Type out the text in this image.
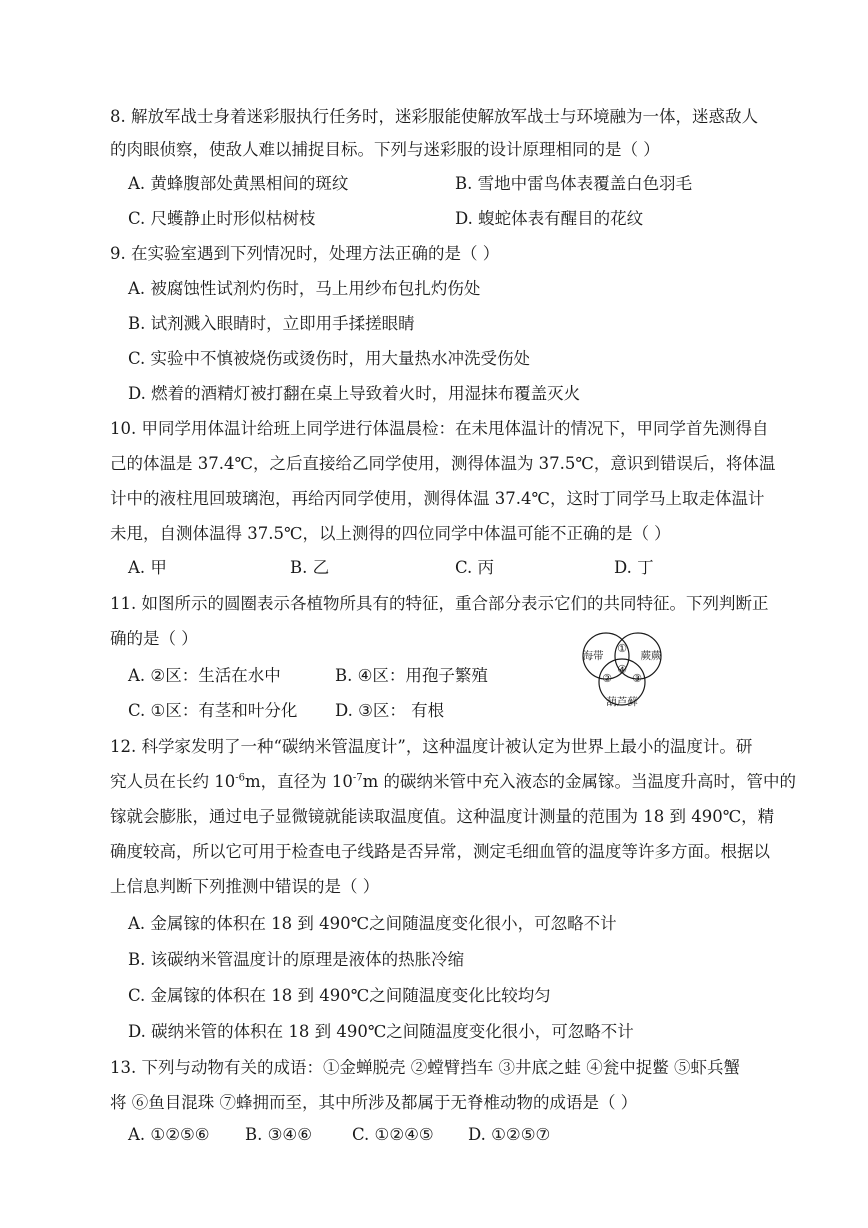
8. 解放军战士身着迷彩服执行任务时，迷彩服能使解放军战士与环境融为一体，迷惑敌人
的肉眼侦察，使敌人难以捕捉目标。下列与迷彩服的设计原理相同的是（ ）
A. 黄蜂腹部处黄黑相间的斑纹	B. 雪地中雷鸟体表覆盖白色羽毛
C. 尺蠖静止时形似枯树枝	D. 蝮蛇体表有醒目的花纹
9. 在实验室遇到下列情况时，处理方法正确的是（ ）
A. 被腐蚀性试剂灼伤时，马上用纱布包扎灼伤处
B. 试剂溅入眼睛时，立即用手揉搓眼睛
C. 实验中不慎被烧伤或烫伤时，用大量热水冲洗受伤处
D. 燃着的酒精灯被打翻在桌上导致着火时，用湿抹布覆盖灭火
10. 甲同学用体温计给班上同学进行体温晨检：在未甩体温计的情况下，甲同学首先测得自
己的体温是 37.4℃，之后直接给乙同学使用，测得体温为 37.5℃，意识到错误后，将体温
计中的液柱甩回玻璃泡，再给丙同学使用，测得体温 37.4℃，这时丁同学马上取走体温计
未甩，自测体温得 37.5℃，以上测得的四位同学中体温可能不正确的是（ ）
A. 甲	B. 乙	C. 丙	D. 丁
11. 如图所示的圆圈表示各植物所具有的特征，重合部分表示它们的共同特征。下列判断正
确的是（ ）
A. ②区：生活在水中	B. ④区：用孢子繁殖
C. ①区：有茎和叶分化 D. ③区： 有根
海带	蕨蕨
葫芦藓
①
④
② ③
12. 科学家发明了一种“碳纳米管温度计”，这种温度计被认定为世界上最小的温度计。研
究人员在长约 $10^{-6}m$，直径为 $10^{-7}m$ 的碳纳米管中充入液态的金属镓。当温度升高时，管中的
镓就会膨胀，通过电子显微镜就能读取温度值。这种温度计测量的范围为 18 到 490℃，精
确度较高，所以它可用于检查电子线路是否异常，测定毛细血管的温度等许多方面。根据以
上信息判断下列推测中错误的是（ ）
A. 金属镓的体积在 18 到 490℃之间随温度变化很小，可忽略不计
B. 该碳纳米管温度计的原理是液体的热胀冷缩
C. 金属镓的体积在 18 到 490℃之间随温度变化比较均匀
D. 碳纳米管的体积在 18 到 490℃之间随温度变化很小，可忽略不计
13. 下列与动物有关的成语：①金蝉脱壳 ②螳臂挡车 ③井底之蛙 ④瓮中捉鳖 ⑤虾兵蟹
将 ⑥鱼目混珠 ⑦蜂拥而至，其中所涉及都属于无脊椎动物的成语是（ ）
A. ①②⑤⑥ B. ③④⑥ C. ①②④⑤ D. ①②⑤⑦
